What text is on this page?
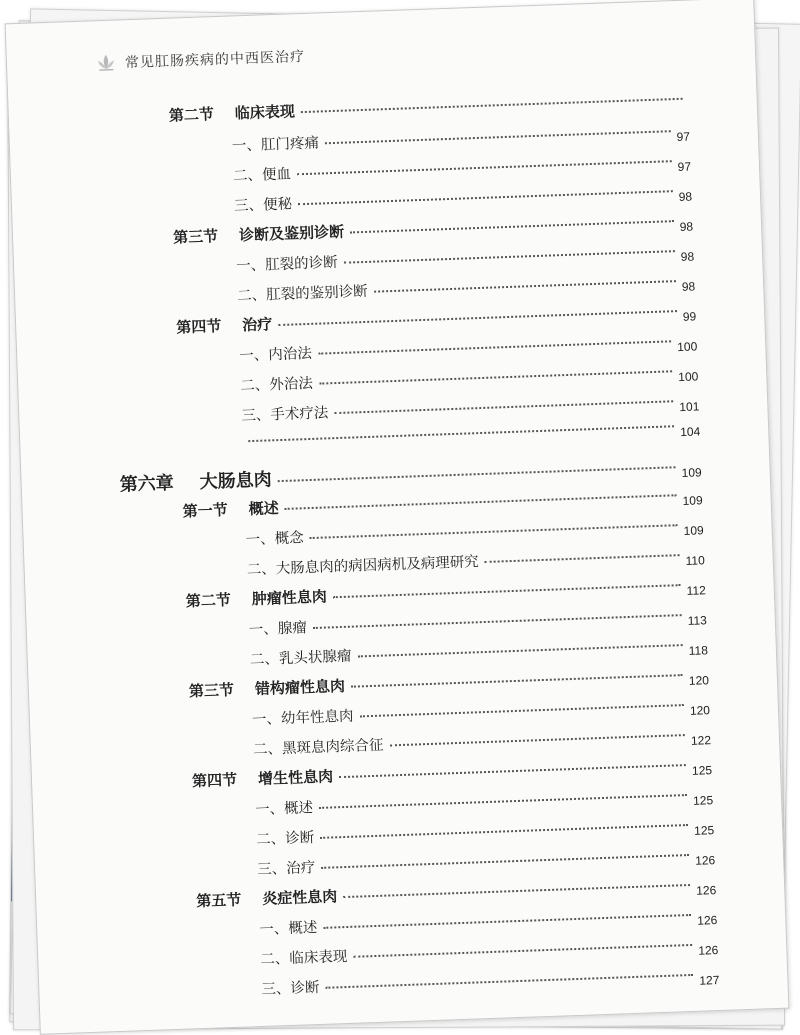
常见肛肠疾病的中西医治疗
第二节 临床表现
一、肛门疼痛	97
二、便血	97
三、便秘	98
第三节 诊断及鉴别诊断	98
一、肛裂的诊断	98
二、肛裂的鉴别诊断	98
第四节 治疗	99
一、内治法	100
二、外治法	100
三、手术疗法	101
104
第六章 大肠息肉	109
第一节 概述	109
一、概念	109
二、大肠息肉的病因病机及病理研究	110
第二节 肿瘤性息肉	112
一、腺瘤	113
二、乳头状腺瘤	118
第三节 错构瘤性息肉	120
一、幼年性息肉	120
二、黑斑息肉综合征	122
第四节 增生性息肉	125
一、概述	125
二、诊断	125
三、治疗	126
第五节 炎症性息肉	126
一、概述	126
二、临床表现	126
三、诊断	127
